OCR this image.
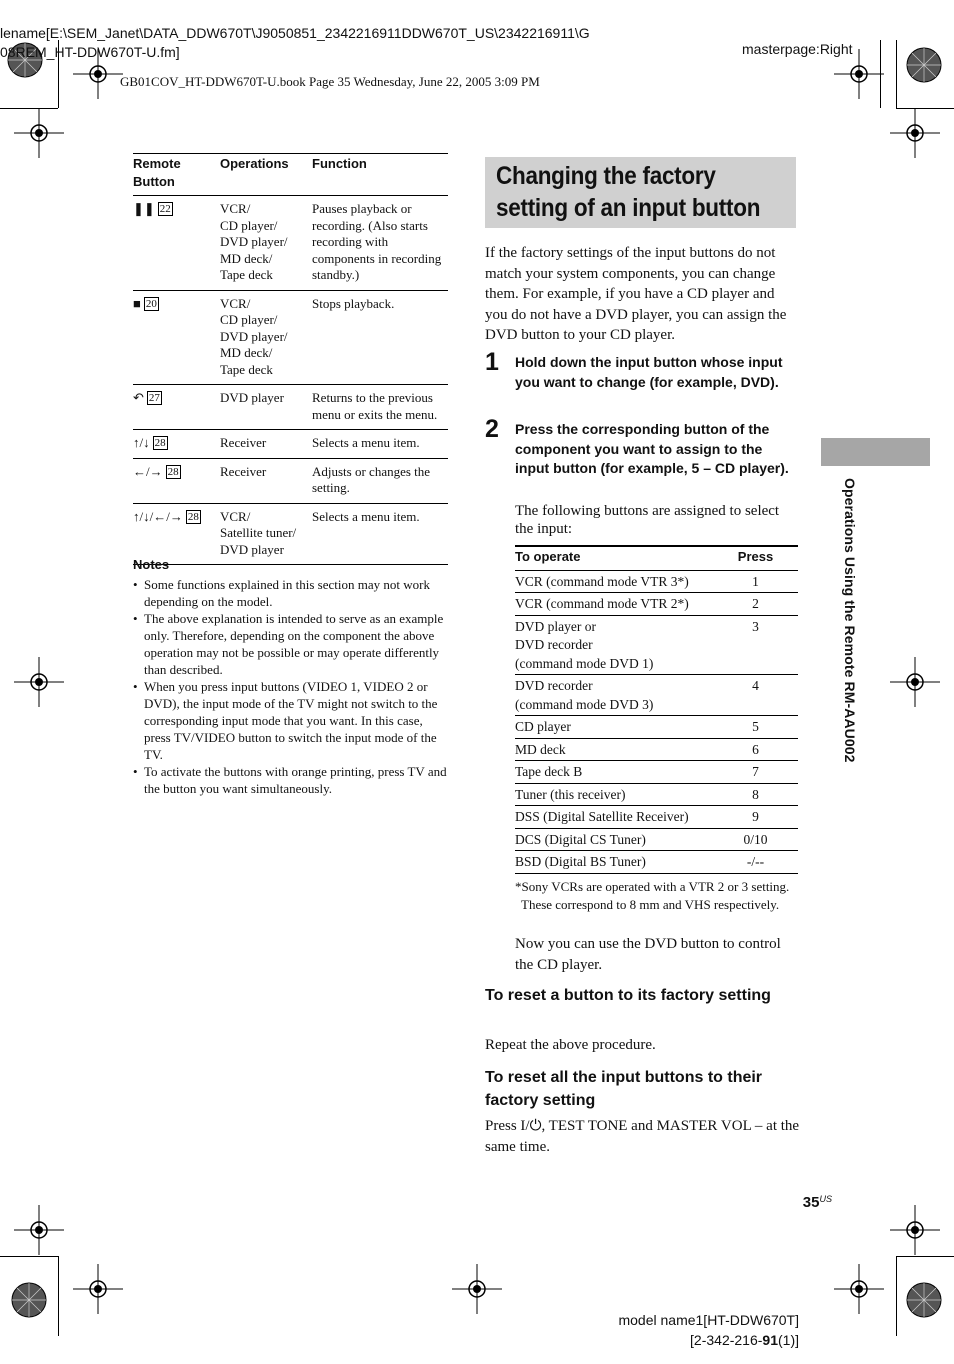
lename[E:\SEM_Janet\DATA_DDW670T\J9050851_2342216911DDW670T_US\2342216911\G
08REM_HT-DDW670T-U.fm]	masterpage:Right
GB01COV_HT-DDW670T-U.book Page 35 Wednesday, June 22, 2005 3:09 PM
Remote Button	Operations	Function
❚❚ 22	VCR/
CD player/
DVD player/
MD deck/
Tape deck	Pauses playback or recording. (Also starts recording with components in recording standby.)
■ 20	VCR/
CD player/
DVD player/
MD deck/
Tape deck	Stops playback.
↶ 27	DVD player	Returns to the previous menu or exits the menu.
↑/↓ 28	Receiver	Selects a menu item.
←/→ 28	Receiver	Adjusts or changes the setting.
↑/↓/←/→ 28	VCR/
Satellite tuner/
DVD player	Selects a menu item.
Notes
• Some functions explained in this section may not work depending on the model.
• The above explanation is intended to serve as an example only. Therefore, depending on the component the above operation may not be possible or may operate differently than described.
• When you press input buttons (VIDEO 1, VIDEO 2 or DVD), the input mode of the TV might not switch to the corresponding input mode that you want. In this case, press TV/VIDEO button to switch the input mode of the TV.
• To activate the buttons with orange printing, press TV and the button you want simultaneously.
Changing the factory setting of an input button
If the factory settings of the input buttons do not match your system components, you can change them. For example, if you have a CD player and you do not have a DVD player, you can assign the DVD button to your CD player.
1 Hold down the input button whose input you want to change (for example, DVD).
2 Press the corresponding button of the component you want to assign to the input button (for example, 5 – CD player).
The following buttons are assigned to select the input:
To operate	Press
VCR (command mode VTR 3*)	1
VCR (command mode VTR 2*)	2
DVD player or
DVD recorder
(command mode DVD 1)	3
DVD recorder
(command mode DVD 3)	4
CD player	5
MD deck	6
Tape deck B	7
Tuner (this receiver)	8
DSS (Digital Satellite Receiver)	9
DCS (Digital CS Tuner)	0/10
BSD (Digital BS Tuner)	-/--
*Sony VCRs are operated with a VTR 2 or 3 setting. These correspond to 8 mm and VHS respectively.
Now you can use the DVD button to control the CD player.
To reset a button to its factory setting
Repeat the above procedure.
To reset all the input buttons to their factory setting
Press I/⏻, TEST TONE and MASTER VOL – at the same time.
Operations Using the Remote RM-AAU002
$35^{US}$
model name1[HT-DDW670T]
[2-342-216-91(1)]
